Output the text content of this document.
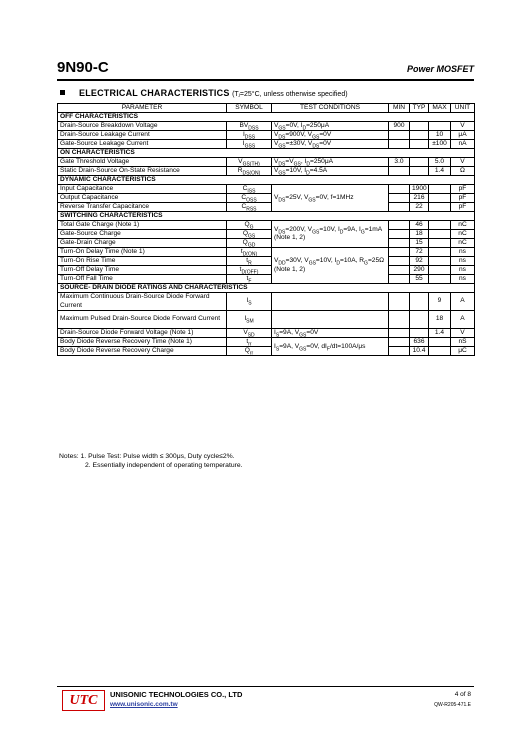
9N90-C	Power MOSFET
ELECTRICAL CHARACTERISTICS (Tⱼ=25°C, unless otherwise specified)
PARAMETER	SYMBOL	TEST CONDITIONS	MIN	TYP	MAX	UNIT
OFF CHARACTERISTICS						
Drain-Source Breakdown Voltage	$BV_{DSS}$	$V_{GS}=0V$, $I_D=250\mu A$	900			V
Drain-Source Leakage Current	$I_{DSS}$	$V_{DS}=900V$, $V_{GS}=0V$			10	μA
Gate-Source Leakage Current	$I_{GSS}$	$V_{GS}=\pm 30V$, $V_{DS}=0V$			±100	nA
ON CHARACTERISTICS						
Gate Threshold Voltage	$V_{GS(TH)}$	$V_{DS}=V_{GS}$, $I_D=250\mu A$	3.0		5.0	V
Static Drain-Source On-State Resistance	$R_{DS(ON)}$	$V_{GS}=10V$, $I_D=4.5A$			1.4	Ω
DYNAMIC CHARACTERISTICS						
Input Capacitance	$C_{ISS}$	$V_{DS}=25V$, $V_{GS}=0V$, f=1MHz		1900		pF
Output Capacitance	$C_{OSS}$			216		pF
Reverse Transfer Capacitance	$C_{RSS}$			22		pF
SWITCHING CHARACTERISTICS						
Total Gate Charge (Note 1)	$Q_G$	$V_{DS}=200V$, $V_{GS}=10V$, $I_D=9A$, $I_G=1mA$ (Note 1, 2)		46		nC
Gate-Source Charge	$Q_{GS}$			18		nC
Gate-Drain Charge	$Q_{GD}$			15		nC
Turn-On Delay Time (Note 1)	$t_{D(ON)}$	$V_{DD}=30V$, $V_{GS}=10V$, $I_D=10A$, $R_G=25\Omega$ (Note 1, 2)		72		ns
Turn-On Rise Time	$t_R$			92		ns
Turn-Off Delay Time	$t_{D(OFF)}$			290		ns
Turn-Off Fall Time	$t_F$			55		ns
SOURCE- DRAIN DIODE RATINGS AND CHARACTERISTICS						
Maximum Continuous Drain-Source Diode Forward Current	$I_S$				9	A
Maximum Pulsed Drain-Source Diode Forward Current	$I_{SM}$				18	A
Drain-Source Diode Forward Voltage (Note 1)	$V_{SD}$	$I_S=9A$, $V_{GS}=0V$			1.4	V
Body Diode Reverse Recovery Time (Note 1)	$t_{rr}$	$I_S=9A$, $V_{GS}=0V$, $dI_F/dt=100A/\mu s$		636		nS
Body Diode Reverse Recovery Charge	$Q_{rr}$			10.4		μC
Notes: 1. Pulse Test: Pulse width ≤ 300μs, Duty cycle≤2%.
2. Essentially independent of operating temperature.
UTC	UNISONIC TECHNOLOGIES CO., LTD
www.unisonic.com.tw
4 of 8
QW-R205-471.E
